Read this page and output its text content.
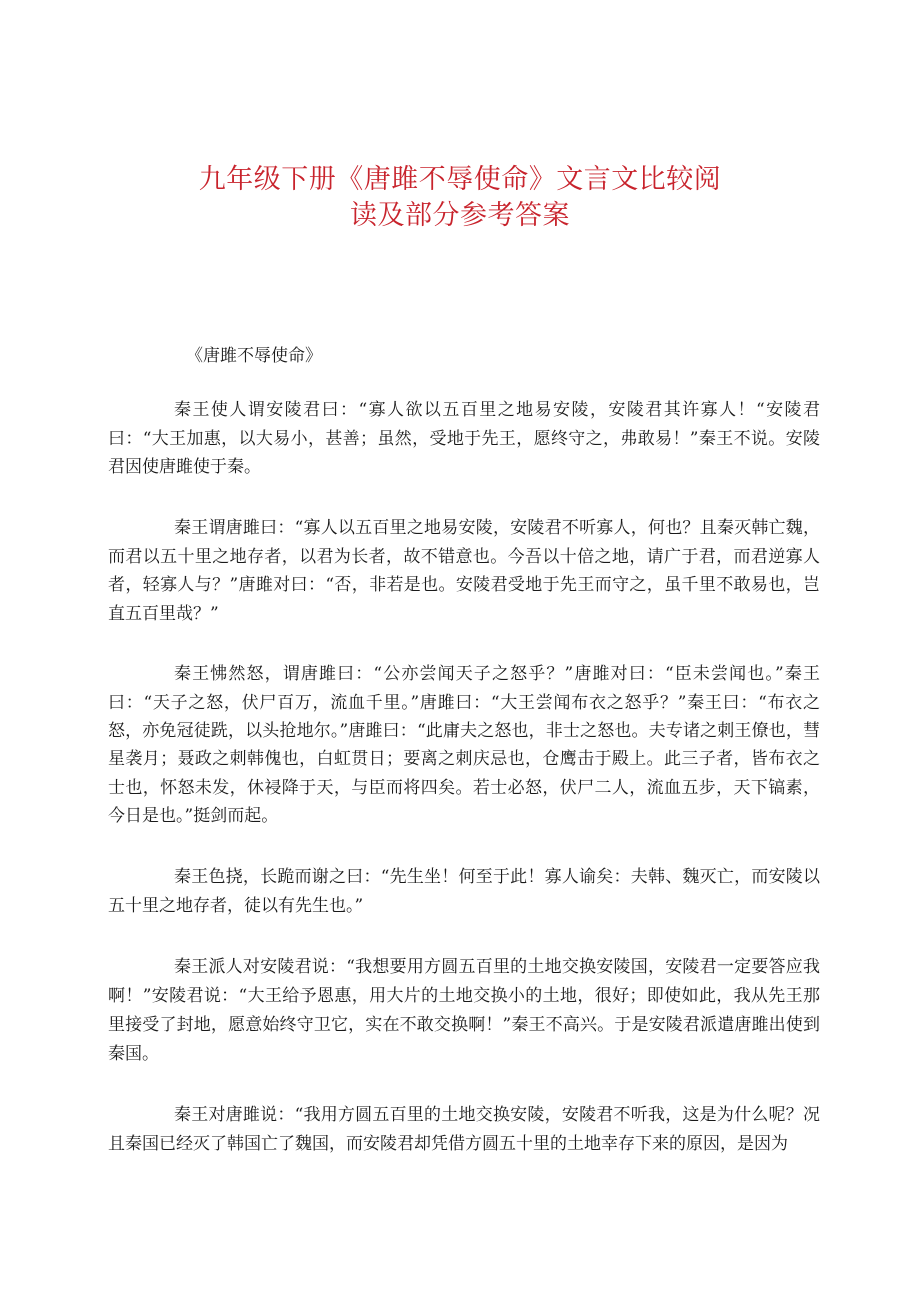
九年级下册《唐雎不辱使命》文言文比较阅
读及部分参考答案

《唐雎不辱使命》

秦王使人谓安陵君曰：“寡人欲以五百里之地易安陵，安陵君其许寡人！“安陵君曰：“大王加惠，以大易小，甚善；虽然，受地于先王，愿终守之，弗敢易！”秦王不说。安陵君因使唐雎使于秦。

秦王谓唐雎曰：“寡人以五百里之地易安陵，安陵君不听寡人，何也？且秦灭韩亡魏，而君以五十里之地存者，以君为长者，故不错意也。今吾以十倍之地，请广于君，而君逆寡人者，轻寡人与？”唐雎对曰：“否，非若是也。安陵君受地于先王而守之，虽千里不敢易也，岂直五百里哉？”

秦王怫然怒，谓唐雎曰：“公亦尝闻天子之怒乎？”唐雎对曰：“臣未尝闻也。”秦王曰：“天子之怒，伏尸百万，流血千里。”唐雎曰：“大王尝闻布衣之怒乎？”秦王曰：“布衣之怒，亦免冠徒跣，以头抢地尔。”唐雎曰：“此庸夫之怒也，非士之怒也。夫专诸之刺王僚也，彗星袭月；聂政之刺韩傀也，白虹贯日；要离之刺庆忌也，仓鹰击于殿上。此三子者，皆布衣之士也，怀怒未发，休祲降于天，与臣而将四矣。若士必怒，伏尸二人，流血五步，天下镐素，今日是也。”挺剑而起。

秦王色挠，长跪而谢之曰：“先生坐！何至于此！寡人谕矣：夫韩、魏灭亡，而安陵以五十里之地存者，徒以有先生也。”

秦王派人对安陵君说：“我想要用方圆五百里的土地交换安陵国，安陵君一定要答应我啊！”安陵君说：“大王给予恩惠，用大片的土地交换小的土地，很好；即使如此，我从先王那里接受了封地，愿意始终守卫它，实在不敢交换啊！”秦王不高兴。于是安陵君派遣唐雎出使到秦国。

秦王对唐雎说：“我用方圆五百里的土地交换安陵，安陵君不听我，这是为什么呢？况且秦国已经灭了韩国亡了魏国，而安陵君却凭借方圆五十里的土地幸存下来的原因，是因为
